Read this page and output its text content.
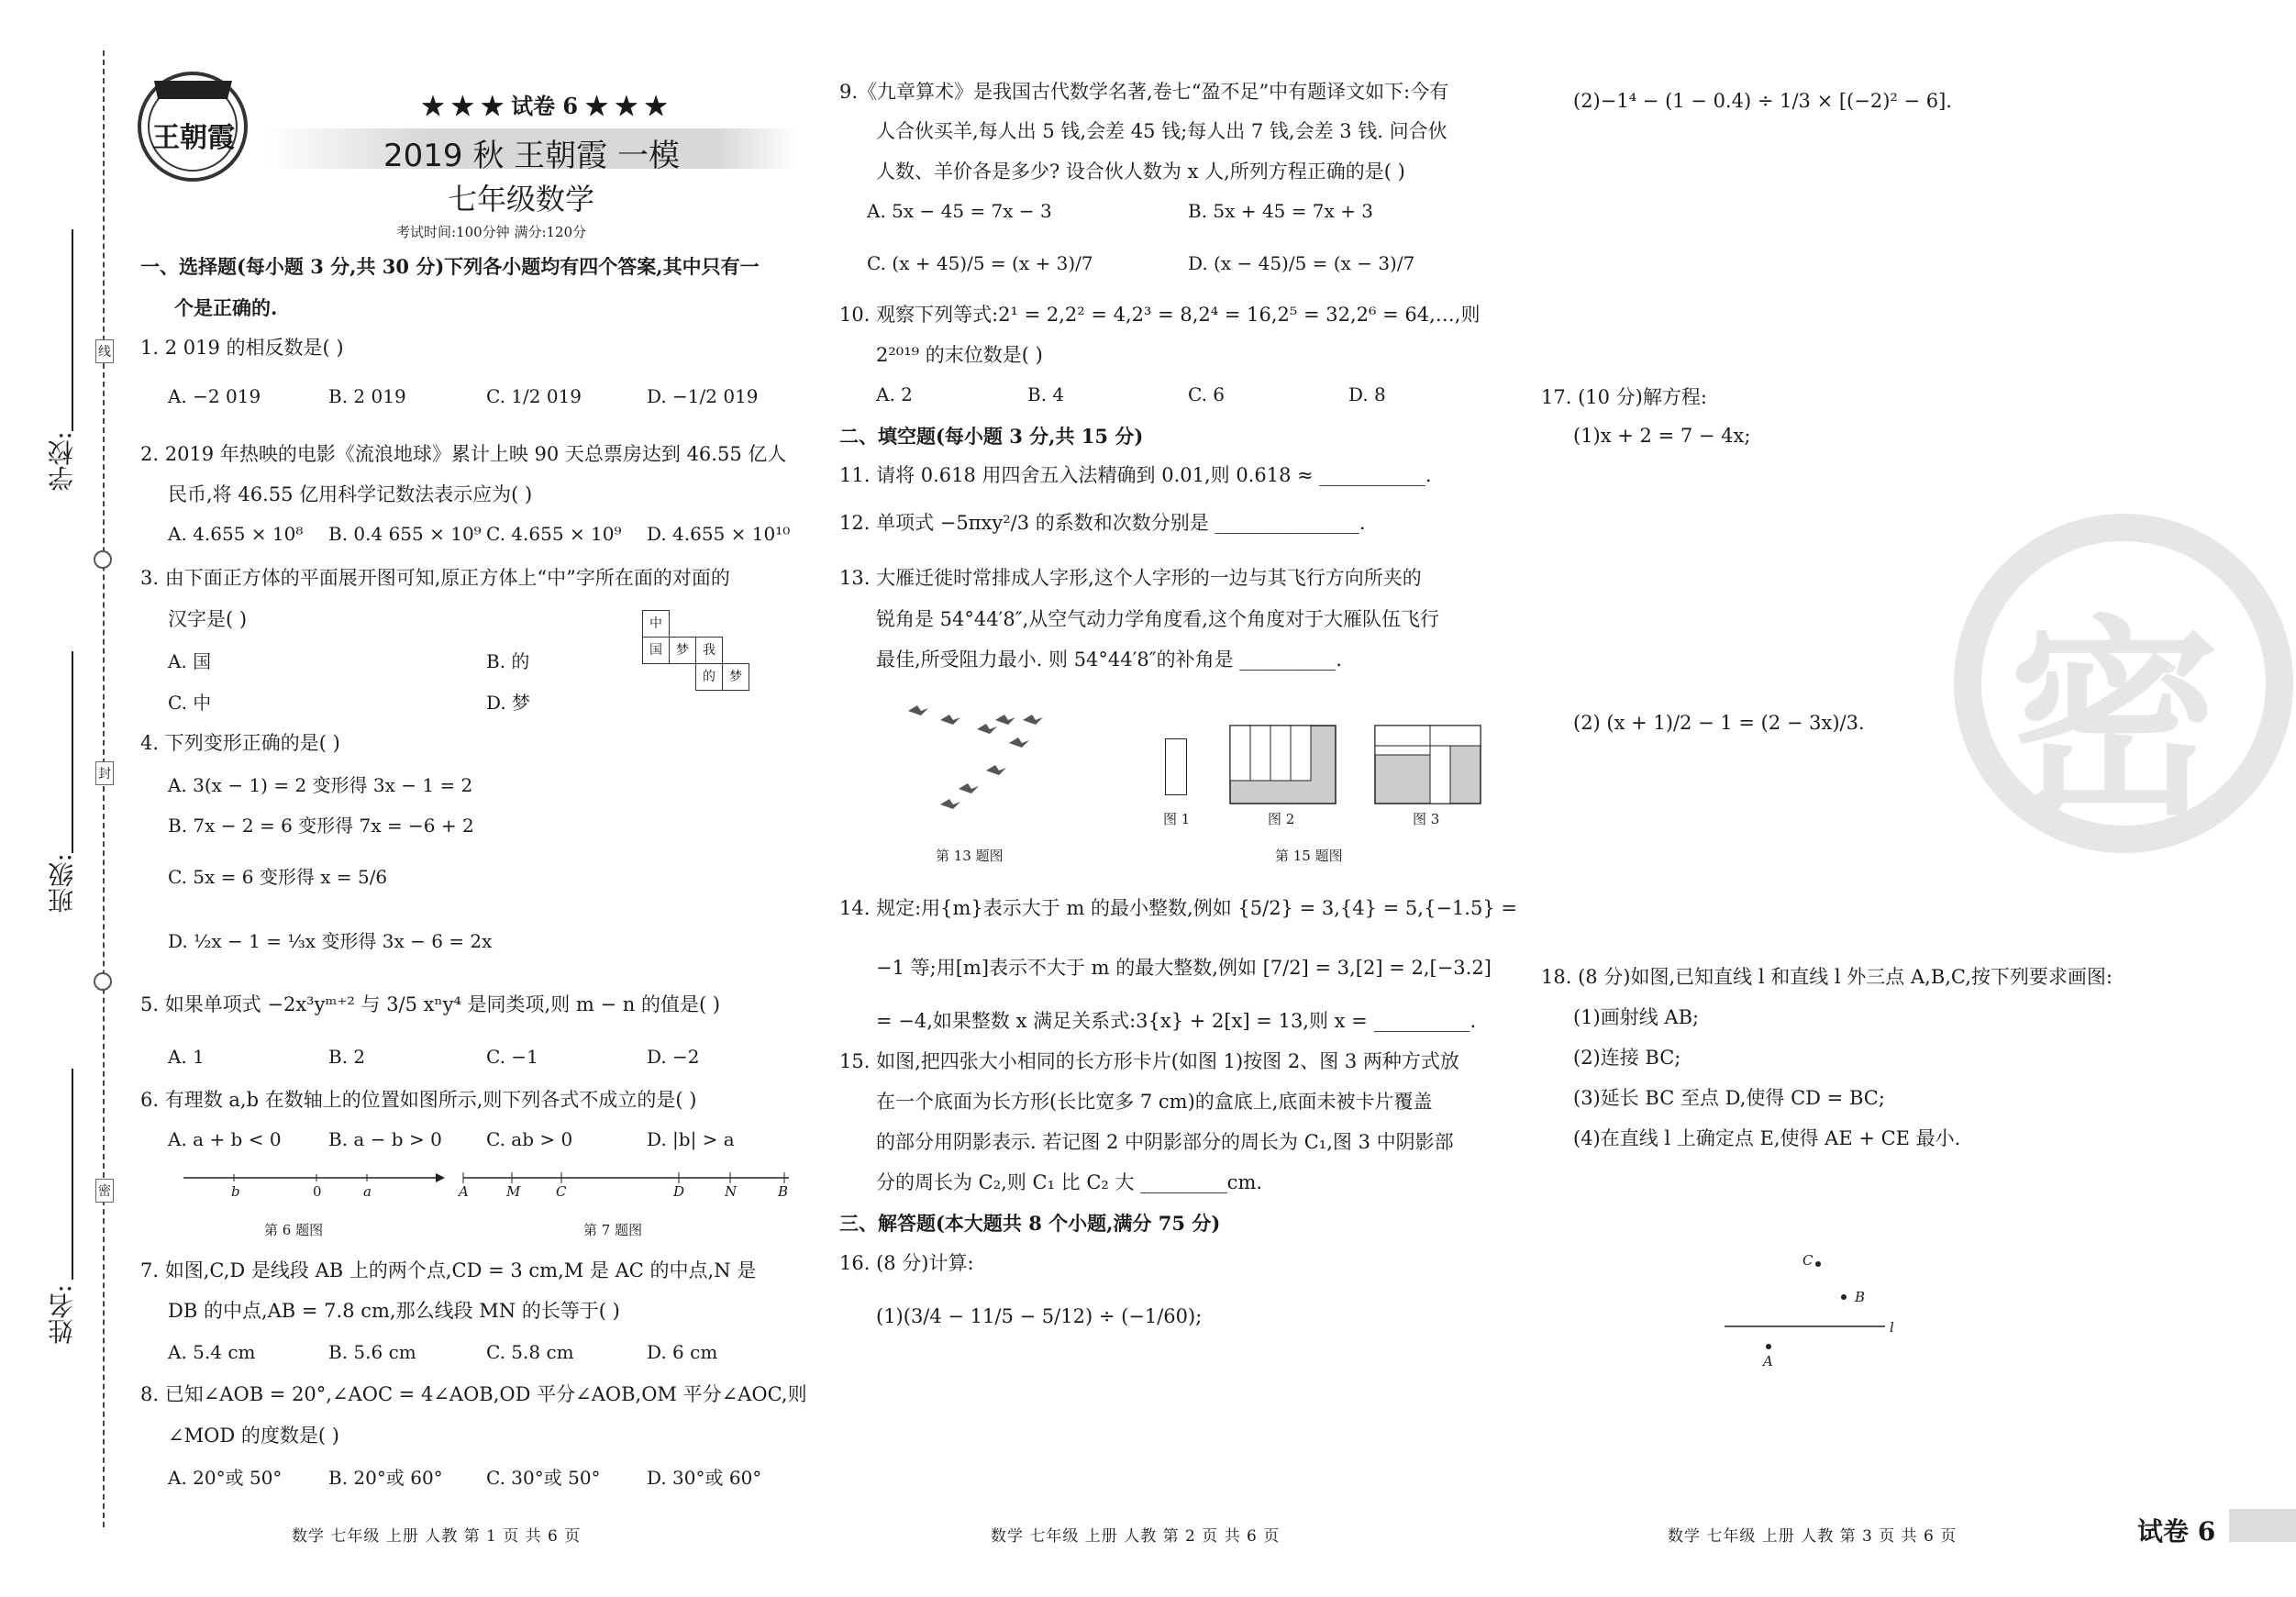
学校:
班级:
姓名:
线
封
密
王朝霞
★ ★ ★ 试卷 6 ★ ★ ★
2019 秋 王朝霞 一模
七年级数学
考试时间:100分钟 满分:120分
一、选择题(每小题 3 分,共 30 分)下列各小题均有四个答案,其中只有一
个是正确的.
1. 2 019 的相反数是( )
A. −2 019	B. 2 019	C. 1/2 019	D. −1/2 019
2. 2019 年热映的电影《流浪地球》累计上映 90 天总票房达到 46.55 亿人
民币,将 46.55 亿用科学记数法表示应为( )
A. 4.655 × 10⁸ B. 0.4 655 × 10⁹ C. 4.655 × 10⁹ D. 4.655 × 10¹⁰
3. 由下面正方体的平面展开图可知,原正方体上“中”字所在面的对面的
汉字是( )
A. 国	B. 的
C. 中	D. 梦
中
国	梦	我
的	梦
4. 下列变形正确的是( )
A. 3(x − 1) = 2 变形得 3x − 1 = 2
B. 7x − 2 = 6 变形得 7x = −6 + 2
C. 5x = 6 变形得 x = 5/6
D. ½x − 1 = ⅓x 变形得 3x − 6 = 2x
5. 如果单项式 −2x³yᵐ⁺² 与 3/5 xⁿy⁴ 是同类项,则 m − n 的值是( )
A. 1	B. 2	C. −1	D. −2
6. 有理数 a,b 在数轴上的位置如图所示,则下列各式不成立的是( )
A. a + b < 0	B. a − b > 0 C. ab > 0	D. |b| > a
b	0	a
第 6 题图
A	M	C	D	N	B
第 7 题图
7. 如图,C,D 是线段 AB 上的两个点,CD = 3 cm,M 是 AC 的中点,N 是
DB 的中点,AB = 7.8 cm,那么线段 MN 的长等于( )
A. 5.4 cm	B. 5.6 cm	C. 5.8 cm	D. 6 cm
8. 已知∠AOB = 20°,∠AOC = 4∠AOB,OD 平分∠AOB,OM 平分∠AOC,则
∠MOD 的度数是( )
A. 20°或 50°	B. 20°或 60° C. 30°或 50°	D. 30°或 60°
数学 七年级 上册 人教 第 1 页 共 6 页
9.《九章算术》是我国古代数学名著,卷七“盈不足”中有题译文如下:今有
人合伙买羊,每人出 5 钱,会差 45 钱;每人出 7 钱,会差 3 钱. 问合伙
人数、羊价各是多少? 设合伙人数为 x 人,所列方程正确的是( )
A. 5x − 45 = 7x − 3	B. 5x + 45 = 7x + 3
C. (x + 45)/5 = (x + 3)/7	D. (x − 45)/5 = (x − 3)/7
10. 观察下列等式:2¹ = 2,2² = 4,2³ = 8,2⁴ = 16,2⁵ = 32,2⁶ = 64,…,则
2²⁰¹⁹ 的末位数是( )
A. 2	B. 4	C. 6	D. 8
二、填空题(每小题 3 分,共 15 分)
11. 请将 0.618 用四舍五入法精确到 0.01,则 0.618 ≈ ___________.
12. 单项式 −5πxy²/3 的系数和次数分别是 _______________.
13. 大雁迁徙时常排成人字形,这个人字形的一边与其飞行方向所夹的
锐角是 54°44′8″,从空气动力学角度看,这个角度对于大雁队伍飞行
最佳,所受阻力最小. 则 54°44′8″的补角是 __________.
第 13 题图
图 1	图 2	图 3
第 15 题图
14. 规定:用{m}表示大于 m 的最小整数,例如 {5/2} = 3,{4} = 5,{−1.5} =
−1 等;用[m]表示不大于 m 的最大整数,例如 [7/2] = 3,[2] = 2,[−3.2]
= −4,如果整数 x 满足关系式:3{x} + 2[x] = 13,则 x = __________.
15. 如图,把四张大小相同的长方形卡片(如图 1)按图 2、图 3 两种方式放
在一个底面为长方形(长比宽多 7 cm)的盒底上,底面未被卡片覆盖
的部分用阴影表示. 若记图 2 中阴影部分的周长为 C₁,图 3 中阴影部
分的周长为 C₂,则 C₁ 比 C₂ 大 _________cm.
三、解答题(本大题共 8 个小题,满分 75 分)
16. (8 分)计算:
(1)(3/4 − 11/5 − 5/12) ÷ (−1/60);
数学 七年级 上册 人教 第 2 页 共 6 页
(2)−1⁴ − (1 − 0.4) ÷ 1/3 × [(−2)² − 6].
17. (10 分)解方程:
(1)x + 2 = 7 − 4x;
(2) (x + 1)/2 − 1 = (2 − 3x)/3.
18. (8 分)如图,已知直线 l 和直线 l 外三点 A,B,C,按下列要求画图:
(1)画射线 AB;
(2)连接 BC;
(3)延长 BC 至点 D,使得 CD = BC;
(4)在直线 l 上确定点 E,使得 AE + CE 最小.
C
B
l
A
密
数学 七年级 上册 人教 第 3 页 共 6 页	试卷 6
